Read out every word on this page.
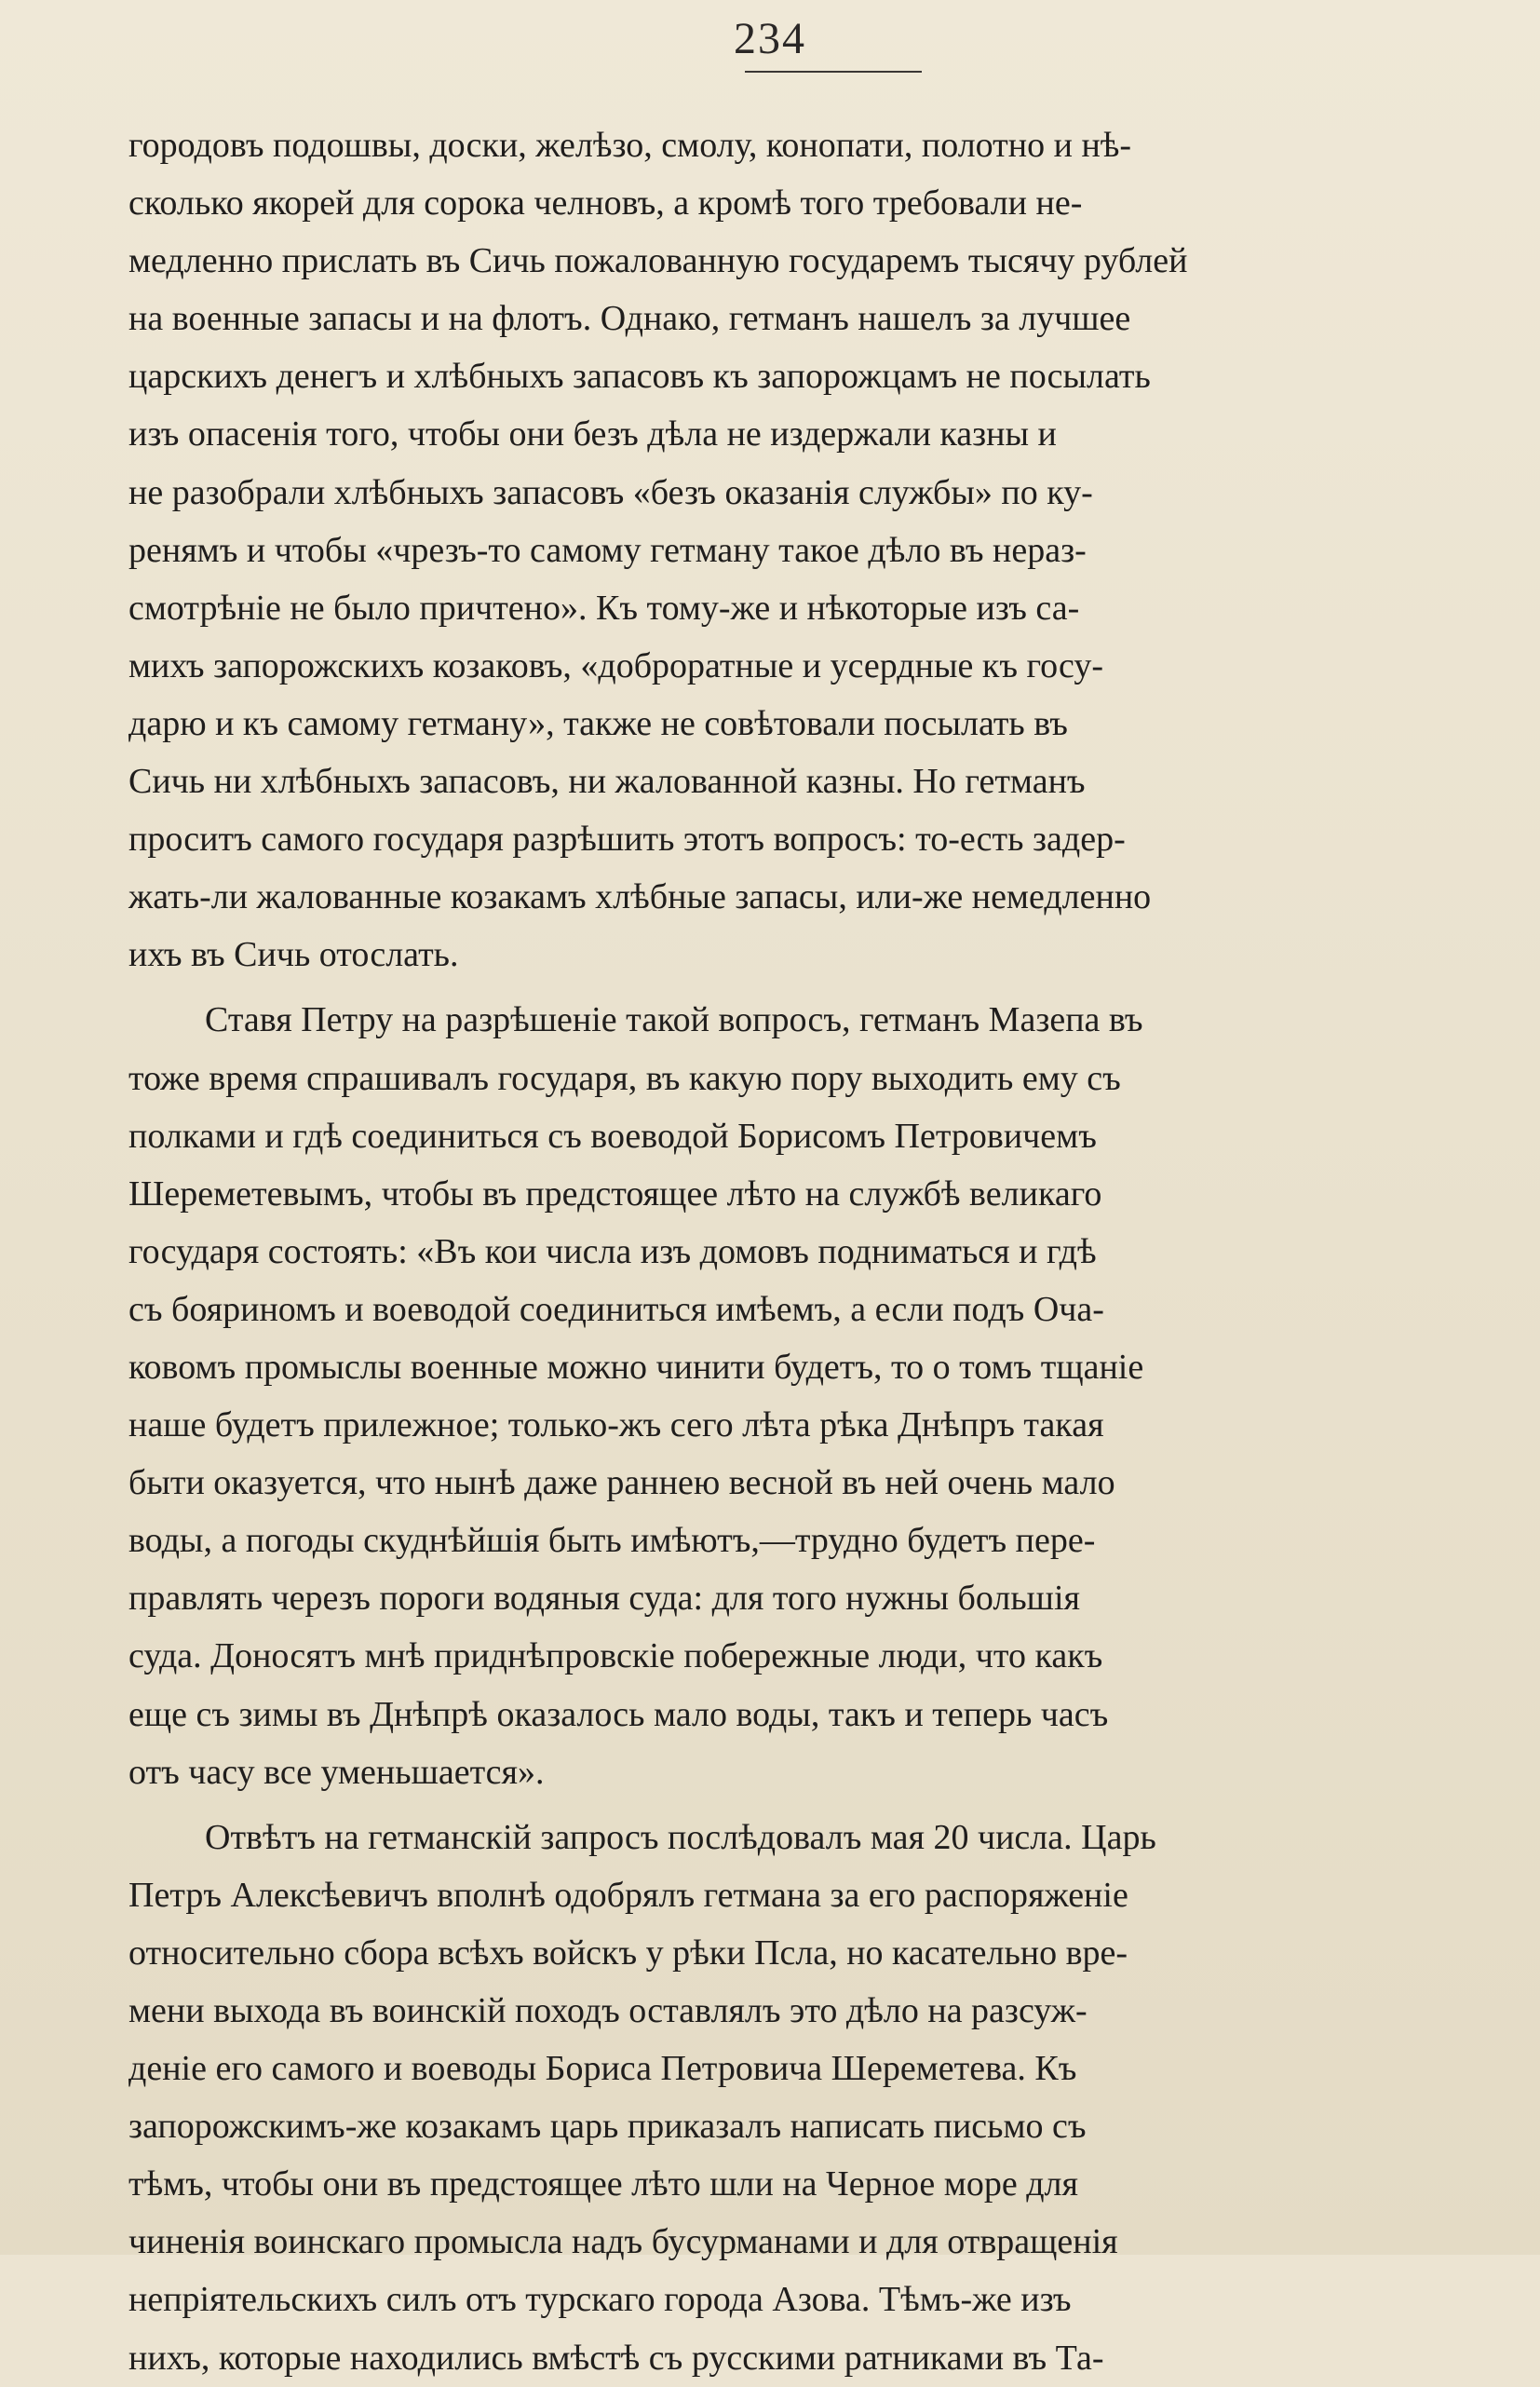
234

городовъ подошвы, доски, желѣзо, смолу, конопати, полотно и нѣ-
сколько якорей для сорока челновъ, а кромѣ того требовали не-
медленно прислать въ Сичь пожалованную государемъ тысячу рублей
на военные запасы и на флотъ. Однако, гетманъ нашелъ за лучшее
царскихъ денегъ и хлѣбныхъ запасовъ къ запорожцамъ не посылать
изъ опасенія того, чтобы они безъ дѣла не издержали казны и
не разобрали хлѣбныхъ запасовъ «безъ оказанія службы» по ку-
ренямъ и чтобы «чрезъ-то самому гетману такое дѣло въ нераз-
смотрѣніе не было причтено». Къ тому-же и нѣкоторые изъ са-
михъ запорожскихъ козаковъ, «доброратные и усердные къ госу-
дарю и къ самому гетману», также не совѣтовали посылать въ
Сичь ни хлѣбныхъ запасовъ, ни жалованной казны. Но гетманъ
проситъ самого государя разрѣшить этотъ вопросъ: то-есть задер-
жать-ли жалованные козакамъ хлѣбные запасы, или-же немедленно
ихъ въ Сичь отослать.

Ставя Петру на разрѣшеніе такой вопросъ, гетманъ Мазепа въ
тоже время спрашивалъ государя, въ какую пору выходить ему съ
полками и гдѣ соединиться съ воеводой Борисомъ Петровичемъ
Шереметевымъ, чтобы въ предстоящее лѣто на службѣ великаго
государя состоять: «Въ кои числа изъ домовъ подниматься и гдѣ
съ бояриномъ и воеводой соединиться имѣемъ, а если подъ Оча-
ковомъ промыслы военные можно чинити будетъ, то о томъ тщаніе
наше будетъ прилежное; только-жъ сего лѣта рѣка Днѣпръ такая
быти оказуется, что нынѣ даже раннею весной въ ней очень мало
воды, а погоды скуднѣйшія быть имѣютъ,—трудно будетъ пере-
правлять черезъ пороги водяныя суда: для того нужны большія
суда. Доносятъ мнѣ приднѣпровскіе побережные люди, что какъ
еще съ зимы въ Днѣпрѣ оказалось мало воды, такъ и теперь часъ
отъ часу все уменьшается».

Отвѣтъ на гетманскій запросъ послѣдовалъ мая 20 числа. Царь
Петръ Алексѣевичъ вполнѣ одобрялъ гетмана за его распоряженіе
относительно сбора всѣхъ войскъ у рѣки Псла, но касательно вре-
мени выхода въ воинскій походъ оставлялъ это дѣло на разсуж-
деніе его самого и воеводы Бориса Петровича Шереметева. Къ
запорожскимъ-же козакамъ царь приказалъ написать письмо съ
тѣмъ, чтобы они въ предстоящее лѣто шли на Черное море для
чиненія воинскаго промысла надъ бусурманами и для отвращенія
непріятельскихъ силъ отъ турскаго города Азова. Тѣмъ-же изъ
нихъ, которые находились вмѣстѣ съ русскими ратниками въ Та-
